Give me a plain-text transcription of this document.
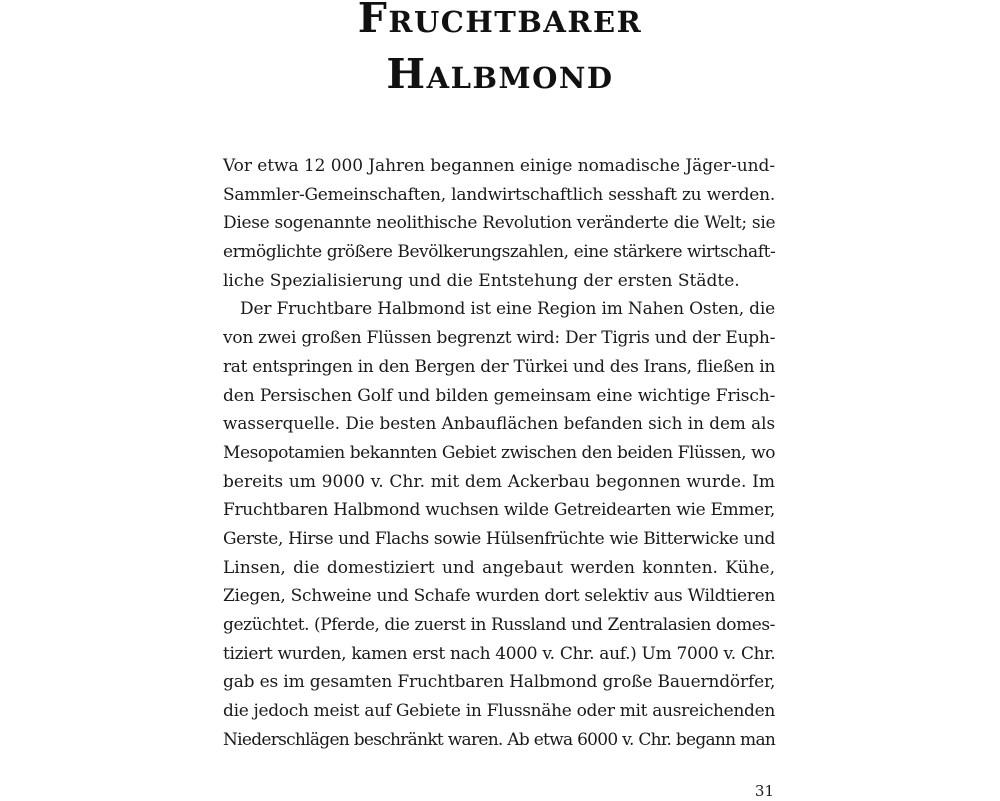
Fruchtbarer
Halbmond
Vor etwa 12 000 Jahren begannen einige nomadische Jäger-und-
Sammler-Gemeinschaften, landwirtschaftlich sesshaft zu werden.
Diese sogenannte neolithische Revolution veränderte die Welt; sie
ermöglichte größere Bevölkerungszahlen, eine stärkere wirtschaft-
liche Spezialisierung und die Entstehung der ersten Städte.
Der Fruchtbare Halbmond ist eine Region im Nahen Osten, die
von zwei großen Flüssen begrenzt wird: Der Tigris und der Euph-
rat entspringen in den Bergen der Türkei und des Irans, fließen in
den Persischen Golf und bilden gemeinsam eine wichtige Frisch-
wasserquelle. Die besten Anbauflächen befanden sich in dem als
Mesopotamien bekannten Gebiet zwischen den beiden Flüssen, wo
bereits um 9000 v. Chr. mit dem Ackerbau begonnen wurde. Im
Fruchtbaren Halbmond wuchsen wilde Getreidearten wie Emmer,
Gerste, Hirse und Flachs sowie Hülsenfrüchte wie Bitterwicke und
Linsen, die domestiziert und angebaut werden konnten. Kühe,
Ziegen, Schweine und Schafe wurden dort selektiv aus Wildtieren
gezüchtet. (Pferde, die zuerst in Russland und Zentralasien domes-
tiziert wurden, kamen erst nach 4000 v. Chr. auf.) Um 7000 v. Chr.
gab es im gesamten Fruchtbaren Halbmond große Bauerndörfer,
die jedoch meist auf Gebiete in Flussnähe oder mit ausreichenden
Niederschlägen beschränkt waren. Ab etwa 6000 v. Chr. begann man
31
